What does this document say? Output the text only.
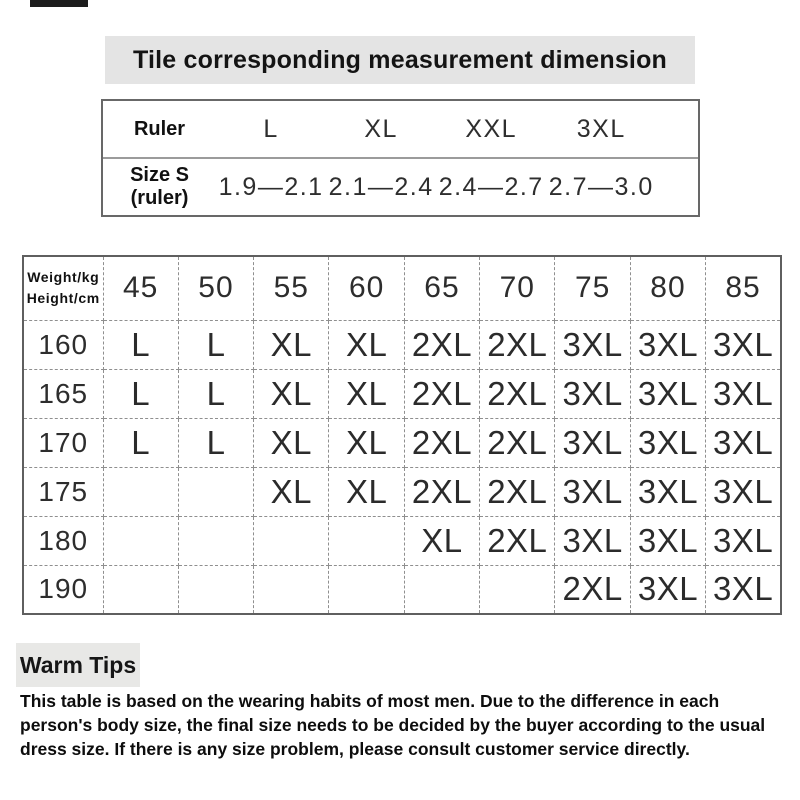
Tile corresponding measurement dimension
Ruler	L	XL	XXL	3XL
Size S (ruler)	1.9—2.1 2.1—2.4 2.4—2.7 2.7—3.0
Weight/kg
Height/cm	45	50	55	60	65	70	75	80	85
160	L	L	XL	XL	2XL	2XL	3XL	3XL	3XL
165	L	L	XL	XL	2XL	2XL	3XL	3XL	3XL
170	L	L	XL	XL	2XL	2XL	3XL	3XL	3XL
175			XL	XL	2XL	2XL	3XL	3XL	3XL
180					XL	2XL	3XL	3XL	3XL
190							2XL	3XL	3XL
Warm Tips

This table is based on the wearing habits of most men. Due to the difference in each person's body size, the final size needs to be decided by the buyer according to the usual dress size. If there is any size problem, please consult customer service directly.
